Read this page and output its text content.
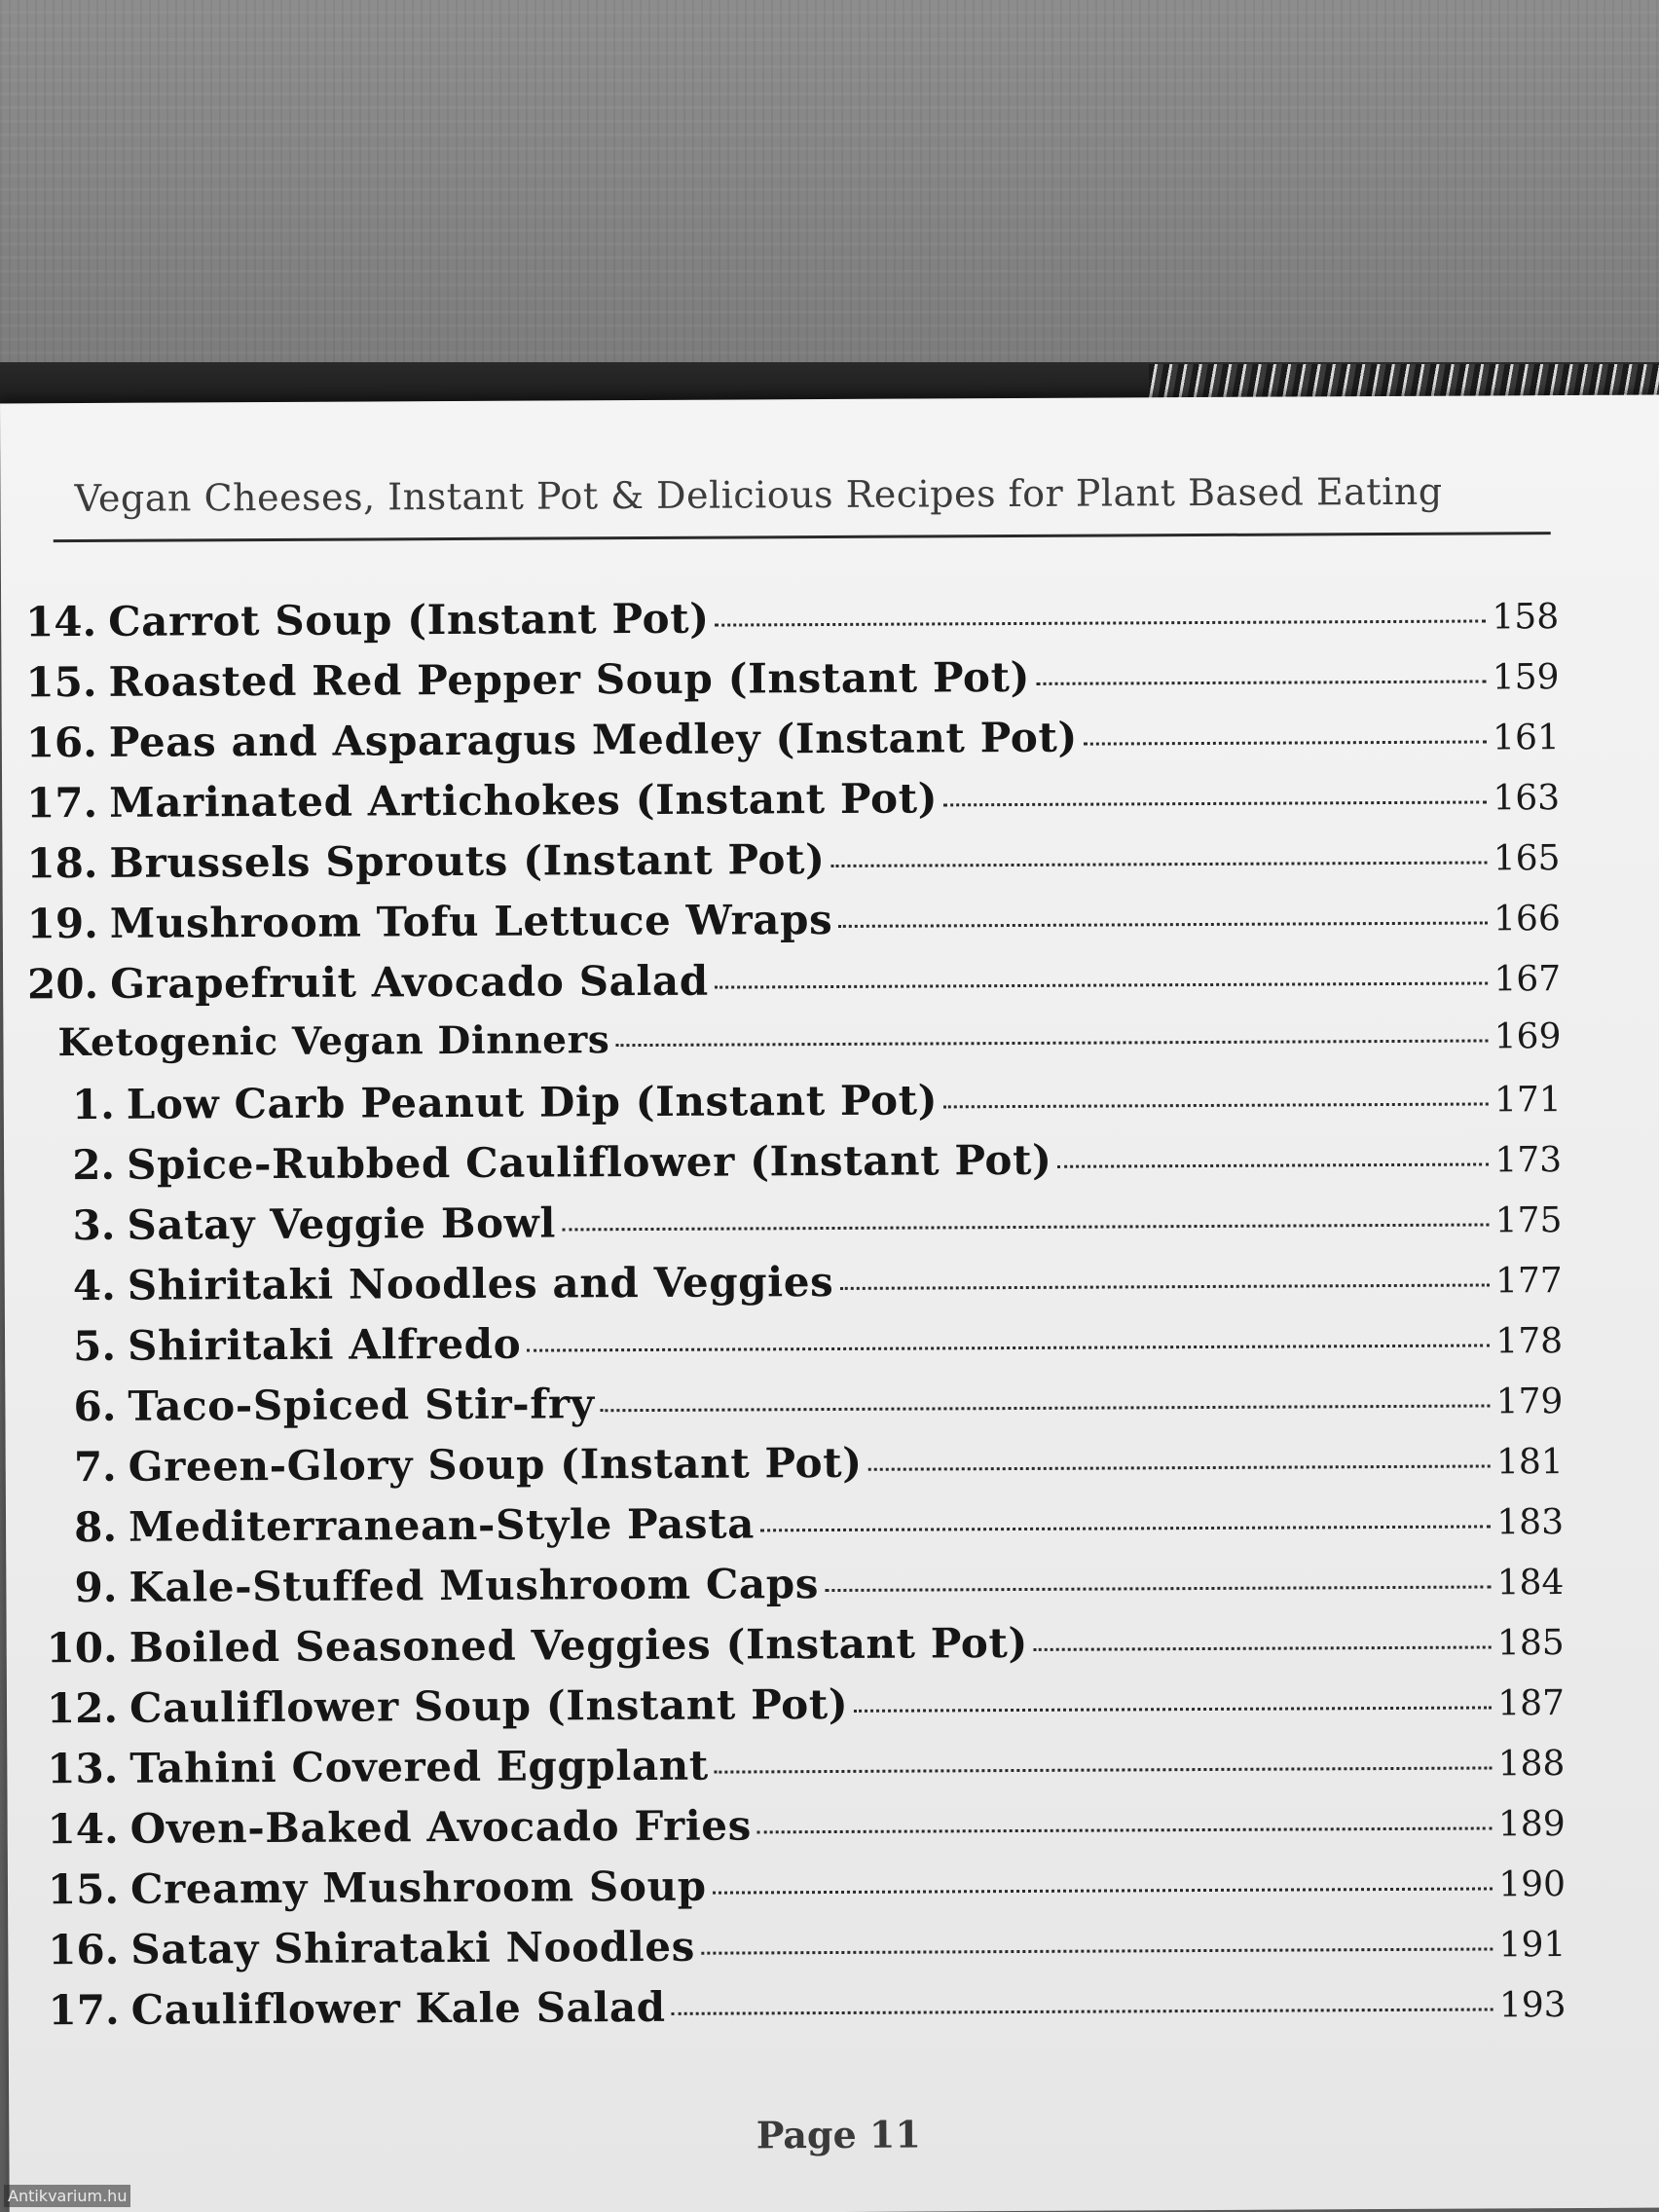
Vegan Cheeses, Instant Pot & Delicious Recipes for Plant Based Eating
14. Carrot Soup (Instant Pot)	158
15. Roasted Red Pepper Soup (Instant Pot)	159
16. Peas and Asparagus Medley (Instant Pot)	161
17. Marinated Artichokes (Instant Pot)	163
18. Brussels Sprouts (Instant Pot)	165
19. Mushroom Tofu Lettuce Wraps	166
20. Grapefruit Avocado Salad	167
Ketogenic Vegan Dinners	169
1. Low Carb Peanut Dip (Instant Pot)	171
2. Spice-Rubbed Cauliflower (Instant Pot)	173
3. Satay Veggie Bowl	175
4. Shiritaki Noodles and Veggies	177
5. Shiritaki Alfredo	178
6. Taco-Spiced Stir-fry	179
7. Green-Glory Soup (Instant Pot)	181
8. Mediterranean-Style Pasta	183
9. Kale-Stuffed Mushroom Caps	184
10. Boiled Seasoned Veggies (Instant Pot)	185
12. Cauliflower Soup (Instant Pot)	187
13. Tahini Covered Eggplant	188
14. Oven-Baked Avocado Fries	189
15. Creamy Mushroom Soup	190
16. Satay Shirataki Noodles	191
17. Cauliflower Kale Salad	193
Page 11
Antikvarium.hu
